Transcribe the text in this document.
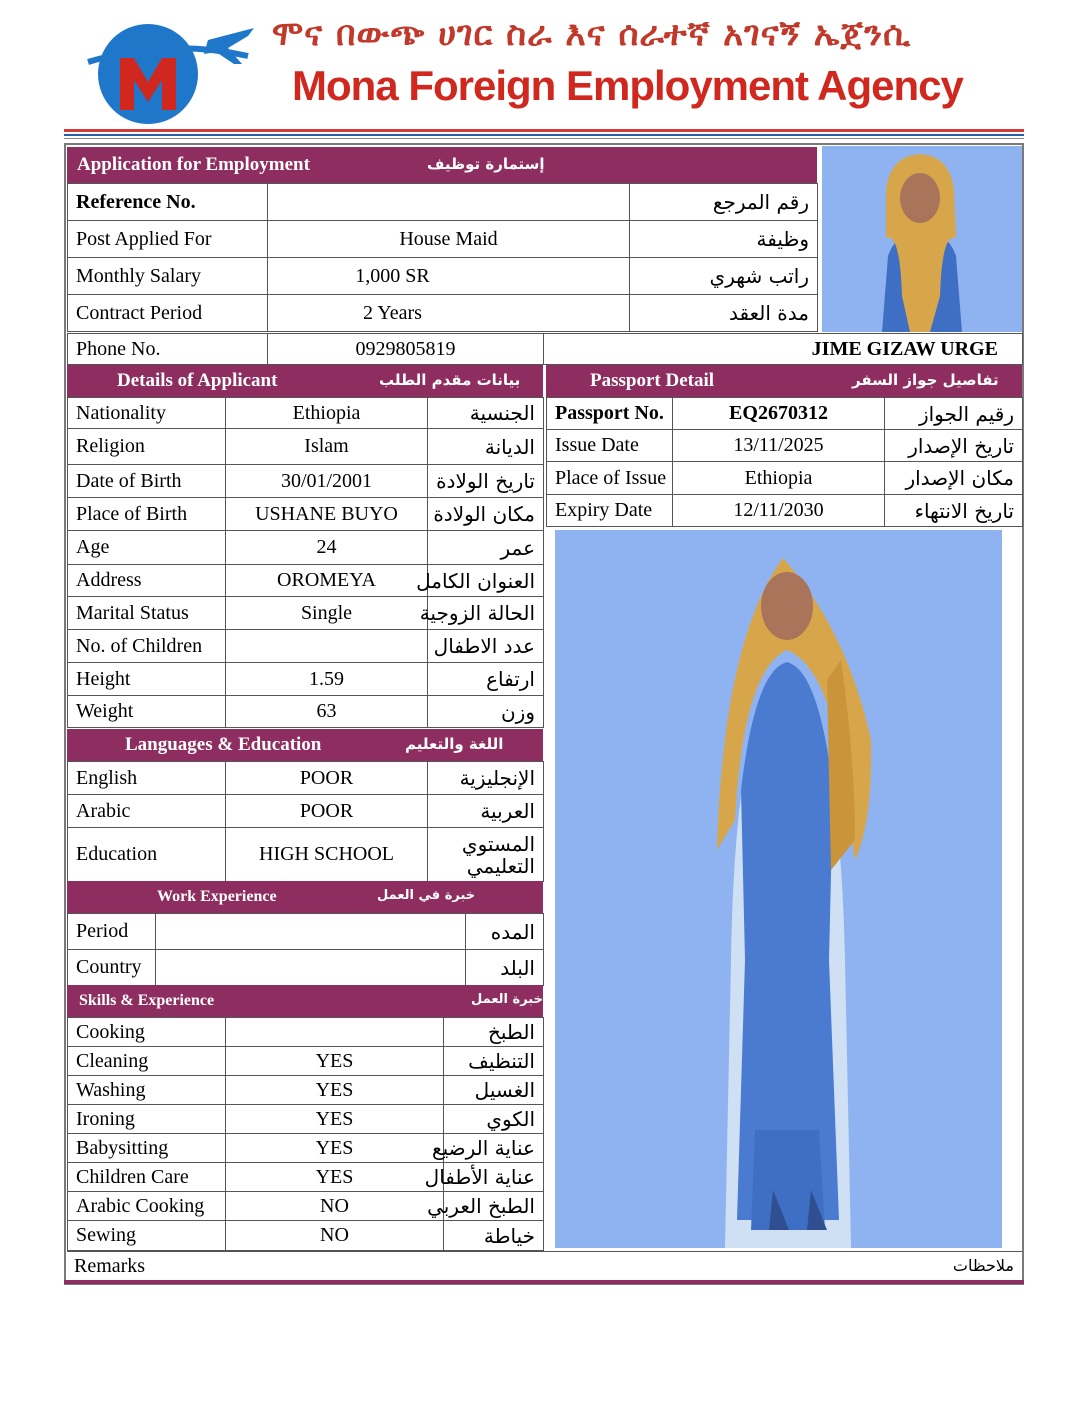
ሞና በውጭ ሀገር ስራ እና ሰራተኛ አገናኝ ኤጀንሲ
Mona Foreign Employment Agency
Application for Employment	إستمارة توظيف
Reference No.		رقم المرجع
Post Applied For	House Maid	وظيفة
Monthly Salary	1,000 SR	راتب شهري
Contract Period	2 Years	مدة العقد
Phone No.	0929805819	JIME GIZAW URGE
Details of Applicant	بيانات مقدم الطلب
Nationality	Ethiopia	الجنسية
Religion	Islam	الديانة
Date of Birth	30/01/2001	تاريخ الولادة
Place of Birth	USHANE BUYO	مكان الولادة
Age	24	عمر
Address	OROMEYA	العنوان الكامل
Marital Status	Single	الحالة الزوجية
No. of Children		عدد الاطفال
Height	1.59	ارتفاع
Weight	63	وزن
Passport Detail	تفاصيل جواز السفر
Passport No.	EQ2670312	رقيم الجواز
Issue Date	13/11/2025	تاريخ الإصدار
Place of Issue	Ethiopia	مكان الإصدار
Expiry Date	12/11/2030	تاريخ الانتهاء
Languages & Education	اللغة والتعليم
English	POOR	الإنجليزية
Arabic	POOR	العربية
Education	HIGH SCHOOL	المستوي التعليمي
Work Experience	خبرة في العمل
Period		المده
Country		البلد
Skills & Experience	خبرة العمل
Cooking		الطبخ
Cleaning	YES	التنظيف
Washing	YES	الغسيل
Ironing	YES	الكوي
Babysitting	YES	عناية الرضيع
Children Care	YES	عناية الأطفال
Arabic Cooking	NO	الطبخ العربي
Sewing	NO	خياطة
Remarks	ملاحظات
